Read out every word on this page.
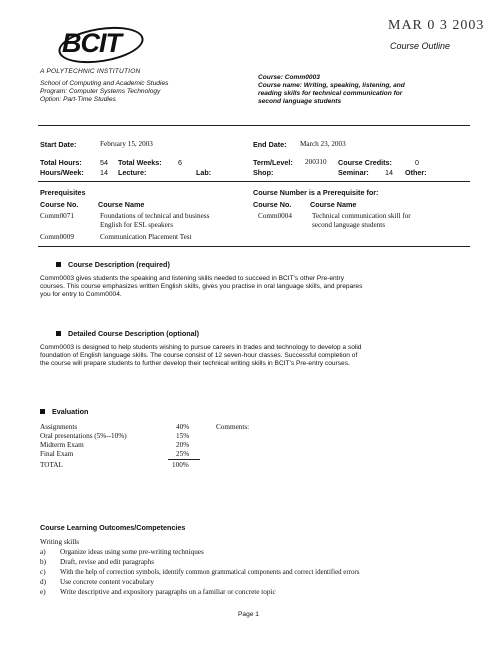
MAR 0 3 2003
Course Outline
BCIT
A POLYTECHNIC INSTITUTION
School of Computing and Academic Studies
Program: Computer Systems Technology
Option: Part-Time Studies
Course: Comm0003
Course name: Writing, speaking, listening, and
reading skills for technical communication for
second language students
Start Date:	February 15, 2003	End Date: March 23, 2003
Total Hours:	54 Total Weeks: 6	Term/Level: 200310 Course Credits:	0
Hours/Week: 14 Lecture:	Lab:	Shop:	Seminar: 14 Other:
Prerequisites
Course No.	Course Name
Comm0071	Foundations of technical and business
English for ESL speakers
Comm0009	Communication Placement Test
Course Number is a Prerequisite for:
Course No.	Course Name
Comm0004	Technical communication skill for
second language students
Course Description (required)
Comm0003 gives students the speaking and listening skills needed to succeed in BCIT's other Pre-entry
courses. This course emphasizes written English skills, gives you practise in oral language skills, and prepares
you for entry to Comm0004.
Detailed Course Description (optional)
Comm0003 is designed to help students wishing to pursue careers in trades and technology to develop a solid
foundation of English language skills. The course consist of 12 seven-hour classes. Successful completion of
the course will prepare students to further develop their technical writing skills in BCIT's Pre-entry courses.
Evaluation
Assignments	40%	Comments:
Oral presentations (5%--10%)	15%
Midterm Exam	20%
Final Exam	25%
TOTAL	100%
Course Learning Outcomes/Competencies
Writing skills
a) Organize ideas using some pre-writing techniques
b) Draft, revise and edit paragraphs
c) With the help of correction symbols, identify common grammatical components and correct identified errors
d) Use concrete content vocabulary
e) Write descriptive and expository paragraphs on a familiar or concrete topic
Page 1
